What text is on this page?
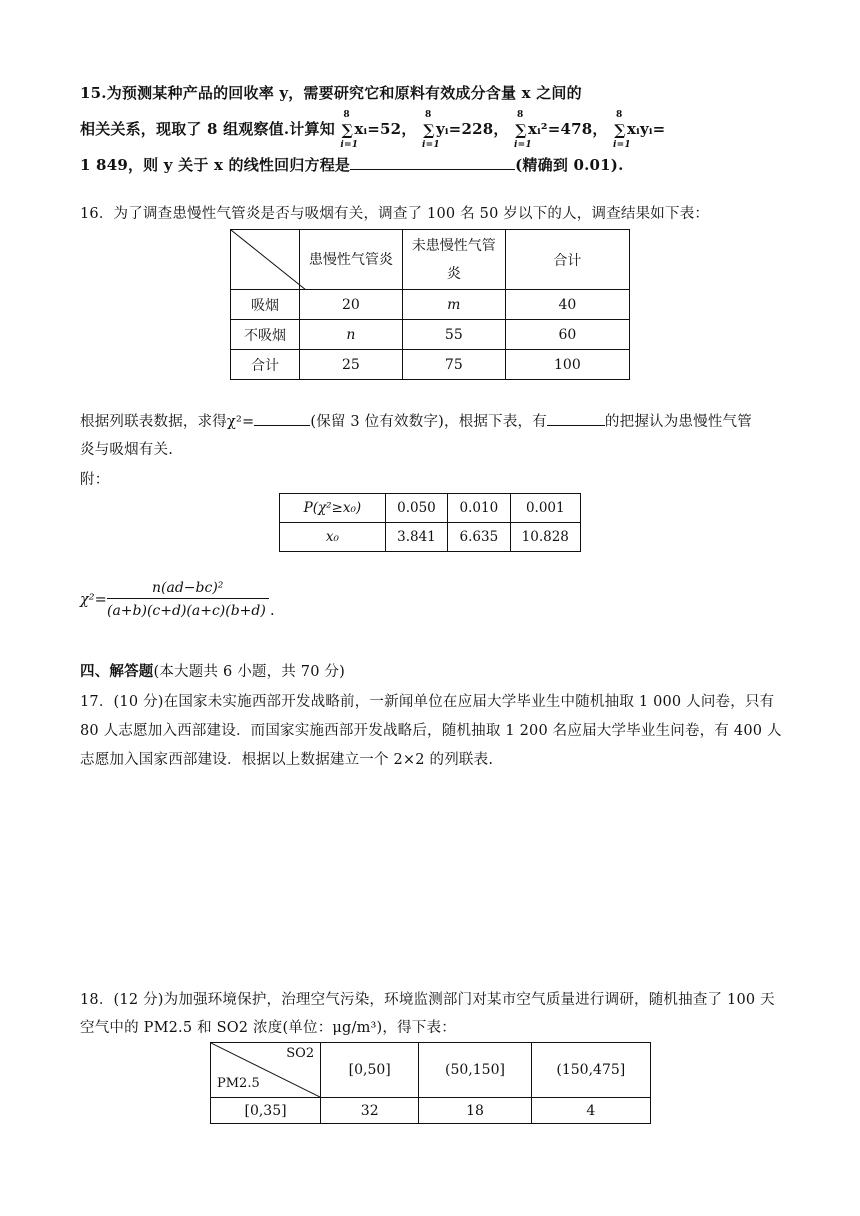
15.为预测某种产品的回收率 y，需要研究它和原料有效成分含量 x 之间的
相关关系，现取了 8 组观察值.计算知 ∑
8
i=1
xᵢ=52， ∑
8
i=1
yᵢ=228， ∑
8
i=1
xᵢ²=478， ∑
8
i=1
xᵢyᵢ=
1 849，则 y 关于 x 的线性回归方程是	(精确到 0.01).
16．为了调查患慢性气管炎是否与吸烟有关，调查了 100 名 50 岁以下的人，调查结果如下表：
	患慢性气管炎	未患慢性气管炎	合计
吸烟	20	m	40
不吸烟	n	55	60
合计	25	75	100
根据列联表数据，求得χ²=	(保留 3 位有效数字)，根据下表，有	的把握认为患慢性气管
炎与吸烟有关.
附：
P(χ²≥x₀)	0.050	0.010	0.001
x₀	3.841	6.635	10.828
χ²=
n(ad−bc)²
(a+b)(c+d)(a+c)(b+d) .
四、解答题(本大题共 6 小题，共 70 分)
17．(10 分)在国家未实施西部开发战略前，一新闻单位在应届大学毕业生中随机抽取 1 000 人问卷，只有
80 人志愿加入西部建设．而国家实施西部开发战略后，随机抽取 1 200 名应届大学毕业生问卷，有 400 人
志愿加入国家西部建设．根据以上数据建立一个 2×2 的列联表.
18．(12 分)为加强环境保护，治理空气污染，环境监测部门对某市空气质量进行调研，随机抽查了 100 天
空气中的 PM2.5 和 SO2 浓度(单位：μg/m³)，得下表：
SO2
PM2.5	[0,50]	(50,150]	(150,475]
[0,35]	32	18	4
